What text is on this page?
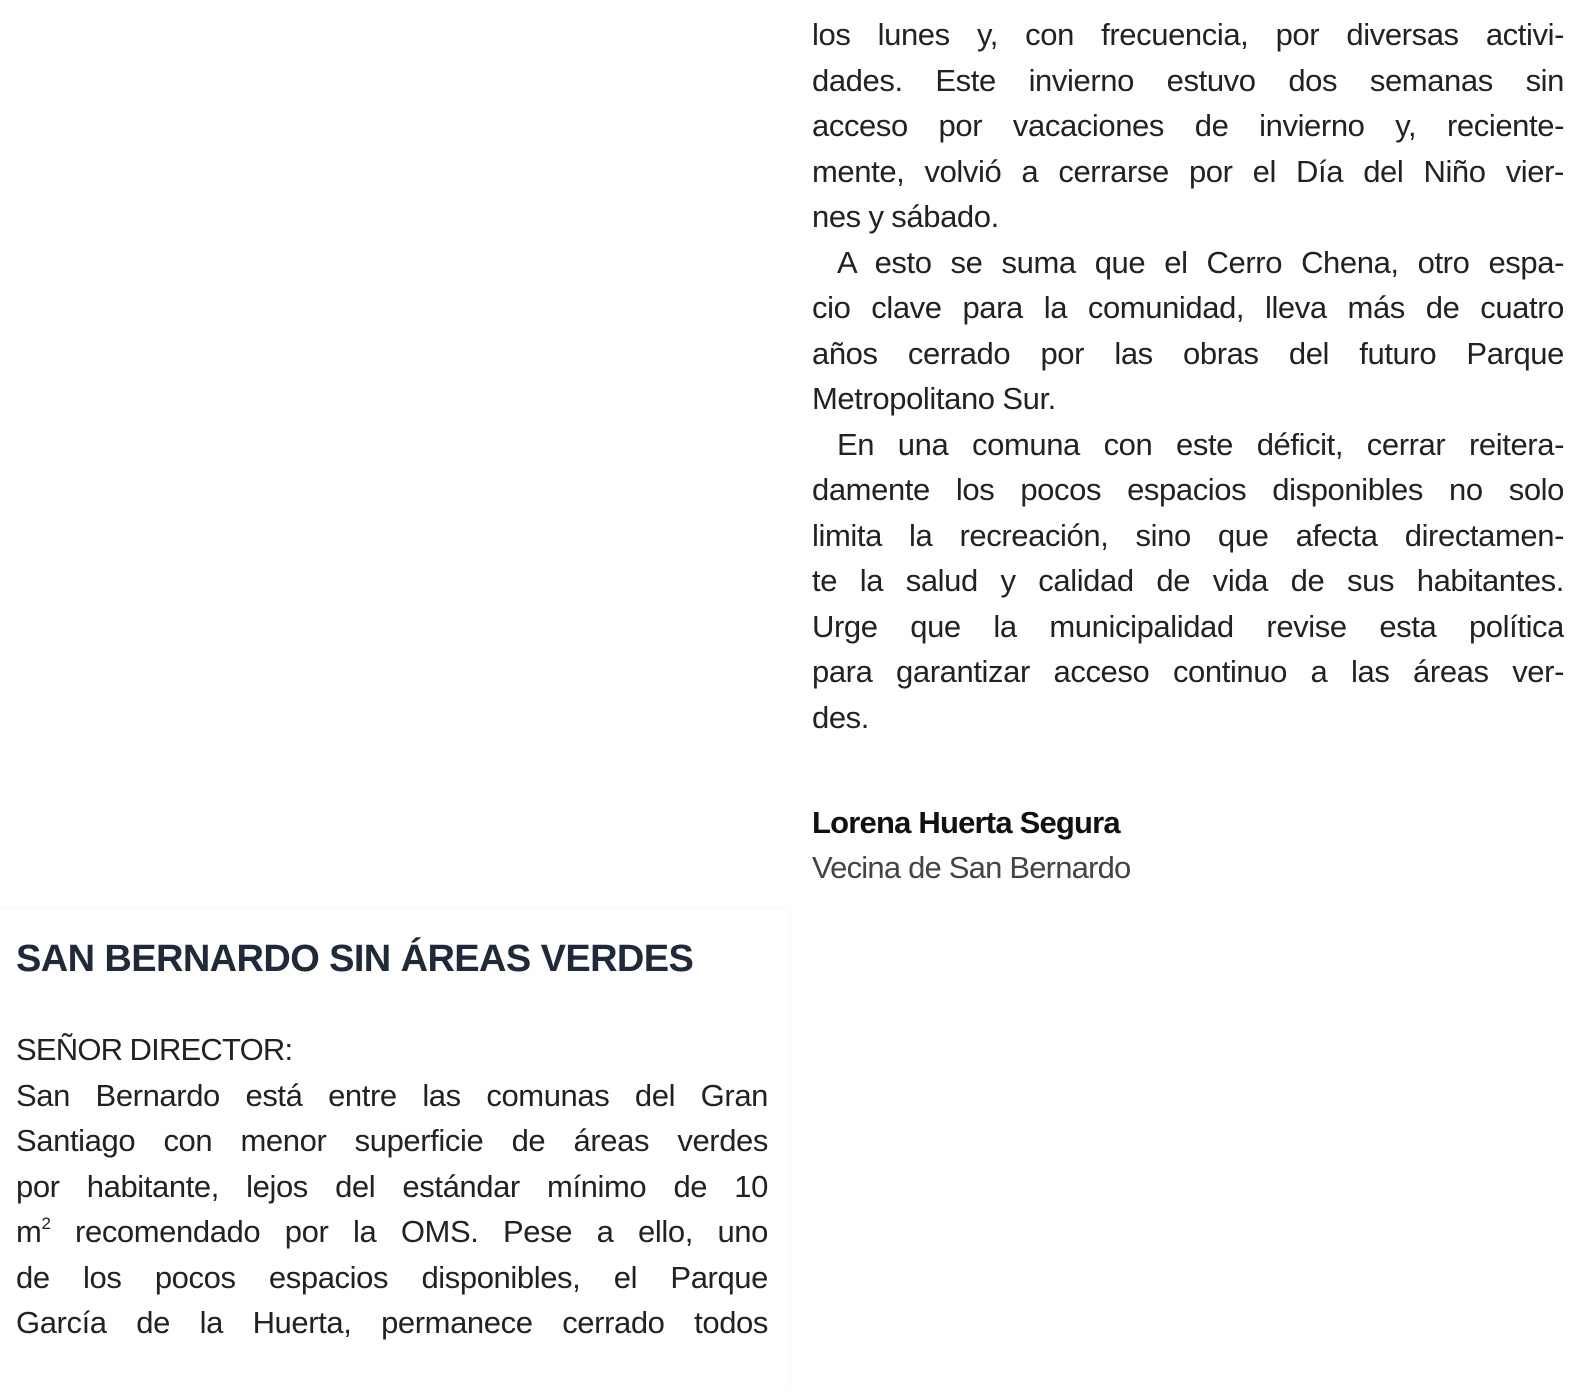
los lunes y, con frecuencia, por diversas activi-
dades. Este invierno estuvo dos semanas sin
acceso por vacaciones de invierno y, reciente-
mente, volvió a cerrarse por el Día del Niño vier-
nes y sábado.
A esto se suma que el Cerro Chena, otro espa-
cio clave para la comunidad, lleva más de cuatro
años cerrado por las obras del futuro Parque
Metropolitano Sur.
En una comuna con este déficit, cerrar reitera-
damente los pocos espacios disponibles no solo
limita la recreación, sino que afecta directamen-
te la salud y calidad de vida de sus habitantes.
Urge que la municipalidad revise esta política
para garantizar acceso continuo a las áreas ver-
des.
Lorena Huerta Segura
Vecina de San Bernardo
SAN BERNARDO SIN ÁREAS VERDES
SEÑOR DIRECTOR:
San Bernardo está entre las comunas del Gran
Santiago con menor superficie de áreas verdes
por habitante, lejos del estándar mínimo de 10
$m^2$ recomendado por la OMS. Pese a ello, uno
de los pocos espacios disponibles, el Parque
García de la Huerta, permanece cerrado todos
